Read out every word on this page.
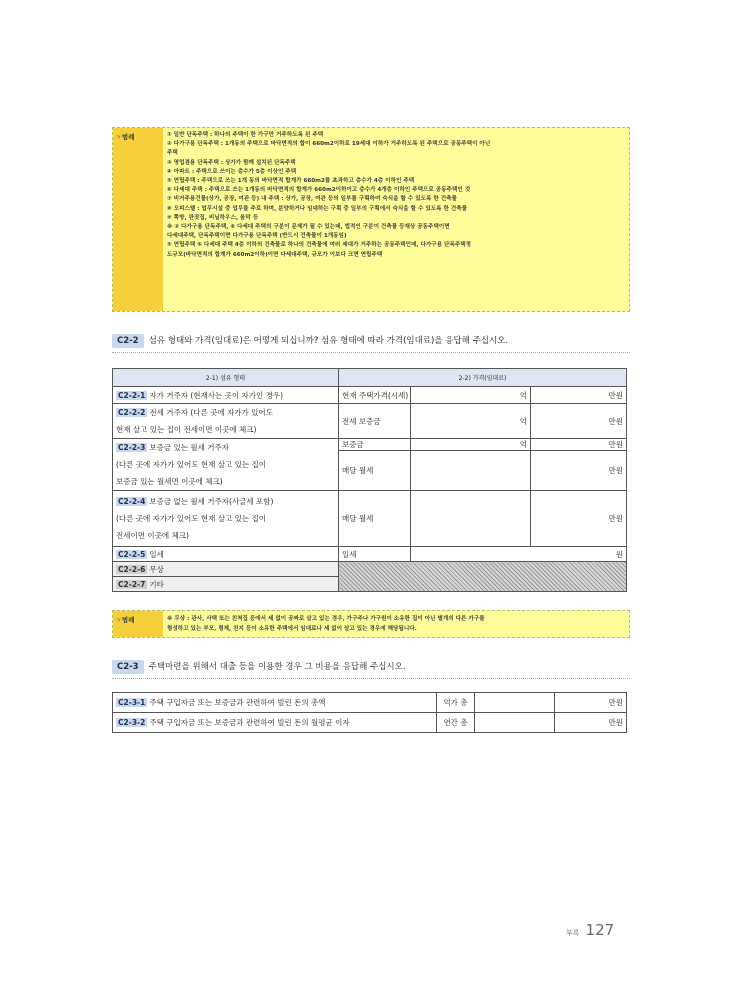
☞범례	① 일반 단독주택 : 하나의 주택이 한 가구만 거주하도록 된 주택
② 다가구용 단독주택 : 1개동의 주택으로 바닥면적의 합이 660m2이하로 19세대 이하가 거주하도록 된 주택으로 공동주택이 아닌
주택
③ 영업겸용 단독주택 : 상가가 함께 설치된 단독주택
④ 아파트 : 주택으로 쓰이는 층수가 5층 이상인 주택
⑤ 연립주택 : 주택으로 쓰는 1개 동의 바닥면적 합계가 660m2를 초과하고 층수가 4층 이하인 주택
⑥ 다세대 주택 : 주택으로 쓰는 1개동의 바닥면적의 합계가 660m2이하이고 층수가 4개층 이하인 주택으로 공동주택인 것
⑦ 비거주용건물(상가, 공장, 여관 등) 내 주택 : 상가, 공장, 여관 등의 일부를 구획하여 숙식을 할 수 있도록 한 건축물
⑧ 오피스텔 : 업무시설 중 업무를 주로 하며, 분양하거나 임대하는 구획 중 일부의 구획에서 숙식을 할 수 있도록 한 건축물
⑨ 쪽방, 판잣집, 비닐하우스, 움막 등
※ ② 다가구용 단독주택, ⑥ 다세대 주택의 구분이 문제가 될 수 있는데, 법적인 구분이 건축물 등재상 공동주택이면
다세대주택, 단독주택이면 다가구용 단독주택 (반드시 건축물이 1개동임)
⑤ 연립주택 ⑥ 다세대 주택 4층 이하의 건축물로 하나의 건축물에 여러 세대가 거주하는 공동주택인데, 다가구용 단독주택정
도규모(바닥면적의 합계가 660m2이하)이면 다세대주택, 규모가 이보다 크면 연립주택
C2-2 섬유 형태와 가격(임대료)은 어떻게 되십니까? 섬유 형태에 따라 가격(임대료)을 응답해 주십시오.
2-1) 섬유 형태	2-2) 가격(임대료)		
C2-2-1 자가 거주자 (현재사는 곳이 자가인 경우)	현재 주택가격(시세)	억	만원
C2-2-2 전세 거주자 (다른 곳에 자가가 있어도
현재 살고 있는 집이 전세이면 이곳에 체크)	전세 보증금	억	만원
C2-2-3 보증금 있는 월세 거주자
(다른 곳에 자가가 있어도 현재 살고 있는 집이
보증금 있는 월세면 이곳에 체크)	보증금	억	만원
	매달 월세		만원
C2-2-4 보증금 없는 월세 거주자(사글세 포함)
(다른 곳에 자가가 있어도 현재 살고 있는 집이
전세이면 이곳에 체크)	매달 월세		만원
C2-2-5 일세	일세	원	
C2-2-6 무상			
C2-2-7 기타			
☞범례	※ 무상 : 관사, 사택 또는 친척집 등에서 세 없이 공짜로 살고 있는 경우, 가구주나 가구원이 소유한 집이 아닌 별개의 다른 가구를
형성하고 있는 부모, 형제, 친지 등이 소유한 주택에서 임대료나 세 없이 살고 있는 경우에 해당됩니다.
C2-3 주택마련을 위해서 대출 등을 이용한 경우 그 비용을 응답해 주십시오.
C2-3-1 주택 구입자금 또는 보증금과 관련하여 빌린 돈의 총액	억가 총		만원
C2-3-2 주택 구입자금 또는 보증금과 관련하여 빌린 돈의 월평균 이자	연간 총		만원
부록 127
